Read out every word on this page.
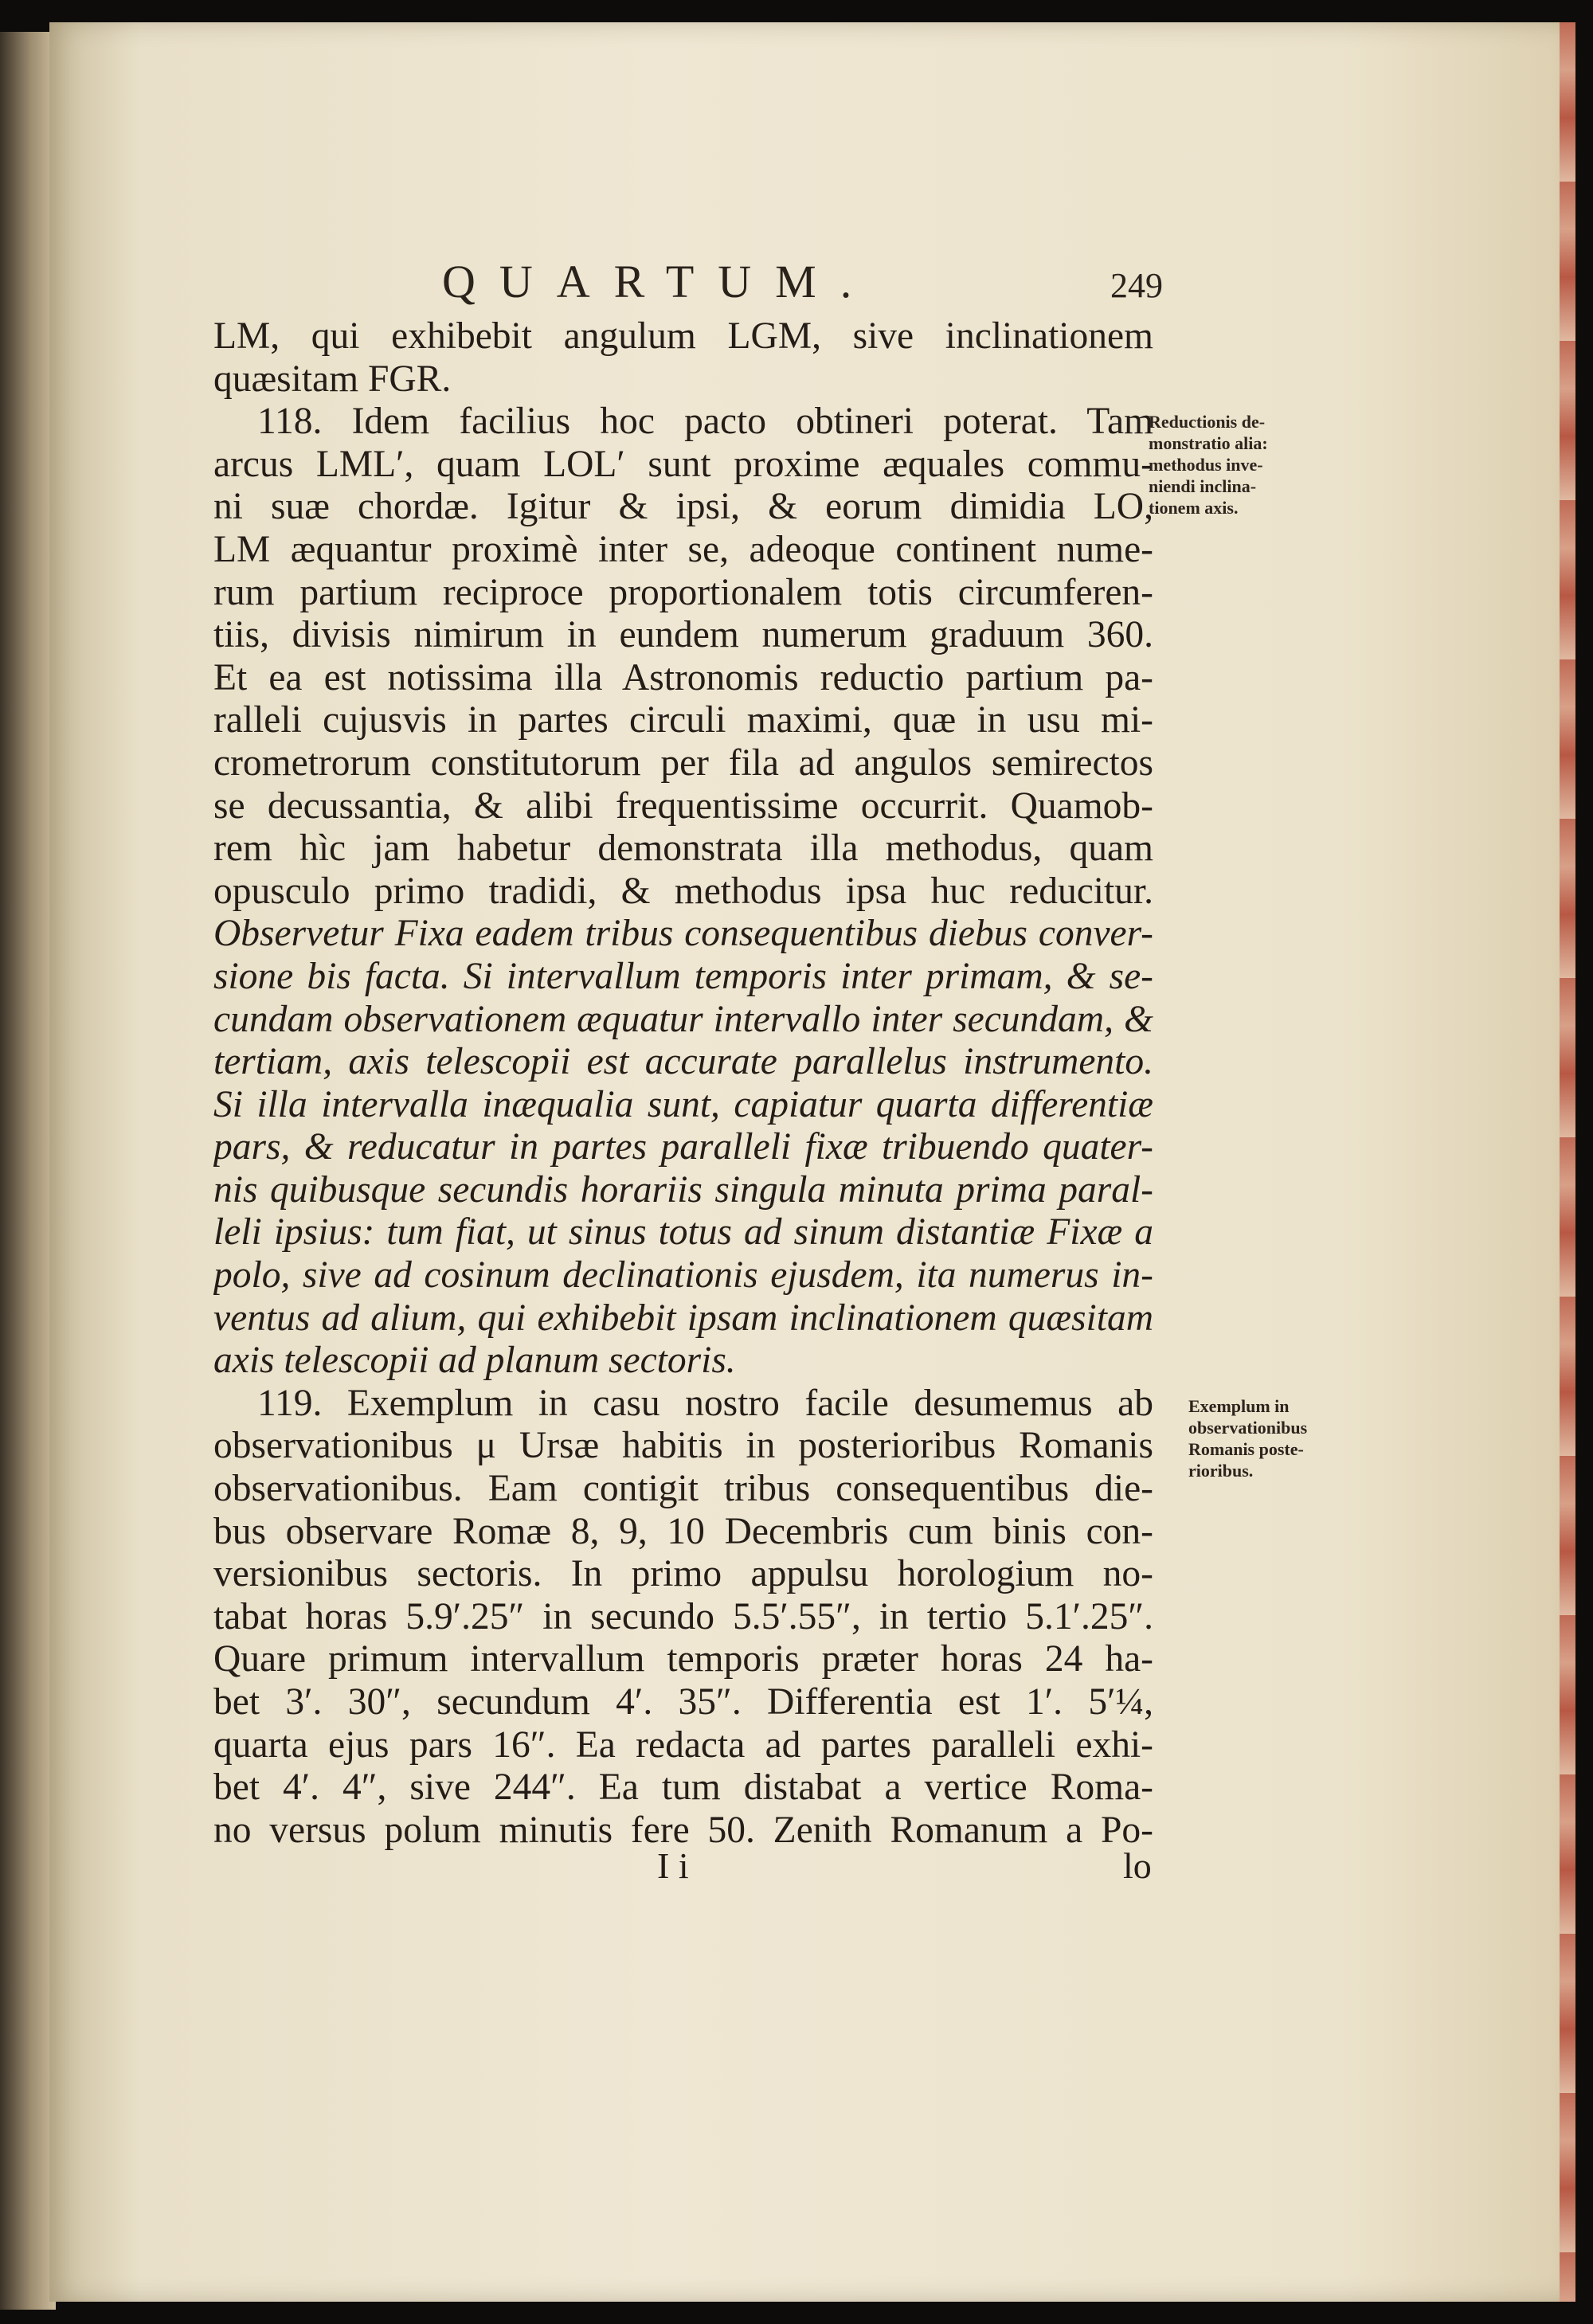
QUARTUM.	249
LM, qui exhibebit angulum LGM, sive inclinationem
quæsitam FGR.
118. Idem facilius hoc pacto obtineri poterat. Tam
arcus LML′, quam LOL′ sunt proxime æquales commu-
ni suæ chordæ. Igitur & ipsi, & eorum dimidia LO,
LM æquantur proximè inter se, adeoque continent nume-
rum partium reciproce proportionalem totis circumferen-
tiis, divisis nimirum in eundem numerum graduum 360.
Et ea est notissima illa Astronomis reductio partium pa-
ralleli cujusvis in partes circuli maximi, quæ in usu mi-
crometrorum constitutorum per fila ad angulos semirectos
se decussantia, & alibi frequentissime occurrit. Quamob-
rem hìc jam habetur demonstrata illa methodus, quam
opusculo primo tradidi, & methodus ipsa huc reducitur.
Observetur Fixa eadem tribus consequentibus diebus conver-
sione bis facta. Si intervallum temporis inter primam, & se-
cundam observationem æquatur intervallo inter secundam, &
tertiam, axis telescopii est accurate parallelus instrumento.
Si illa intervalla inæqualia sunt, capiatur quarta differentiæ
pars, & reducatur in partes paralleli fixæ tribuendo quater-
nis quibusque secundis horariis singula minuta prima paral-
leli ipsius: tum fiat, ut sinus totus ad sinum distantiæ Fixæ a
polo, sive ad cosinum declinationis ejusdem, ita numerus in-
ventus ad alium, qui exhibebit ipsam inclinationem quæsitam
axis telescopii ad planum sectoris.
119. Exemplum in casu nostro facile desumemus ab
observationibus μ Ursæ habitis in posterioribus Romanis
observationibus. Eam contigit tribus consequentibus die-
bus observare Romæ 8, 9, 10 Decembris cum binis con-
versionibus sectoris. In primo appulsu horologium no-
tabat horas 5.9′.25″ in secundo 5.5′.55″, in tertio 5.1′.25″.
Quare primum intervallum temporis præter horas 24 ha-
bet 3′. 30″, secundum 4′. 35″. Differentia est 1′. 5′¼,
quarta ejus pars 16″. Ea redacta ad partes paralleli exhi-
bet 4′. 4″, sive 244″. Ea tum distabat a vertice Roma-
no versus polum minutis fere 50. Zenith Romanum a Po-
Reductionis de-
monstratio alia:
methodus inve-
niendi inclina-
tionem axis.
Exemplum in
observationibus
Romanis poste-
rioribus.
I i	lo
